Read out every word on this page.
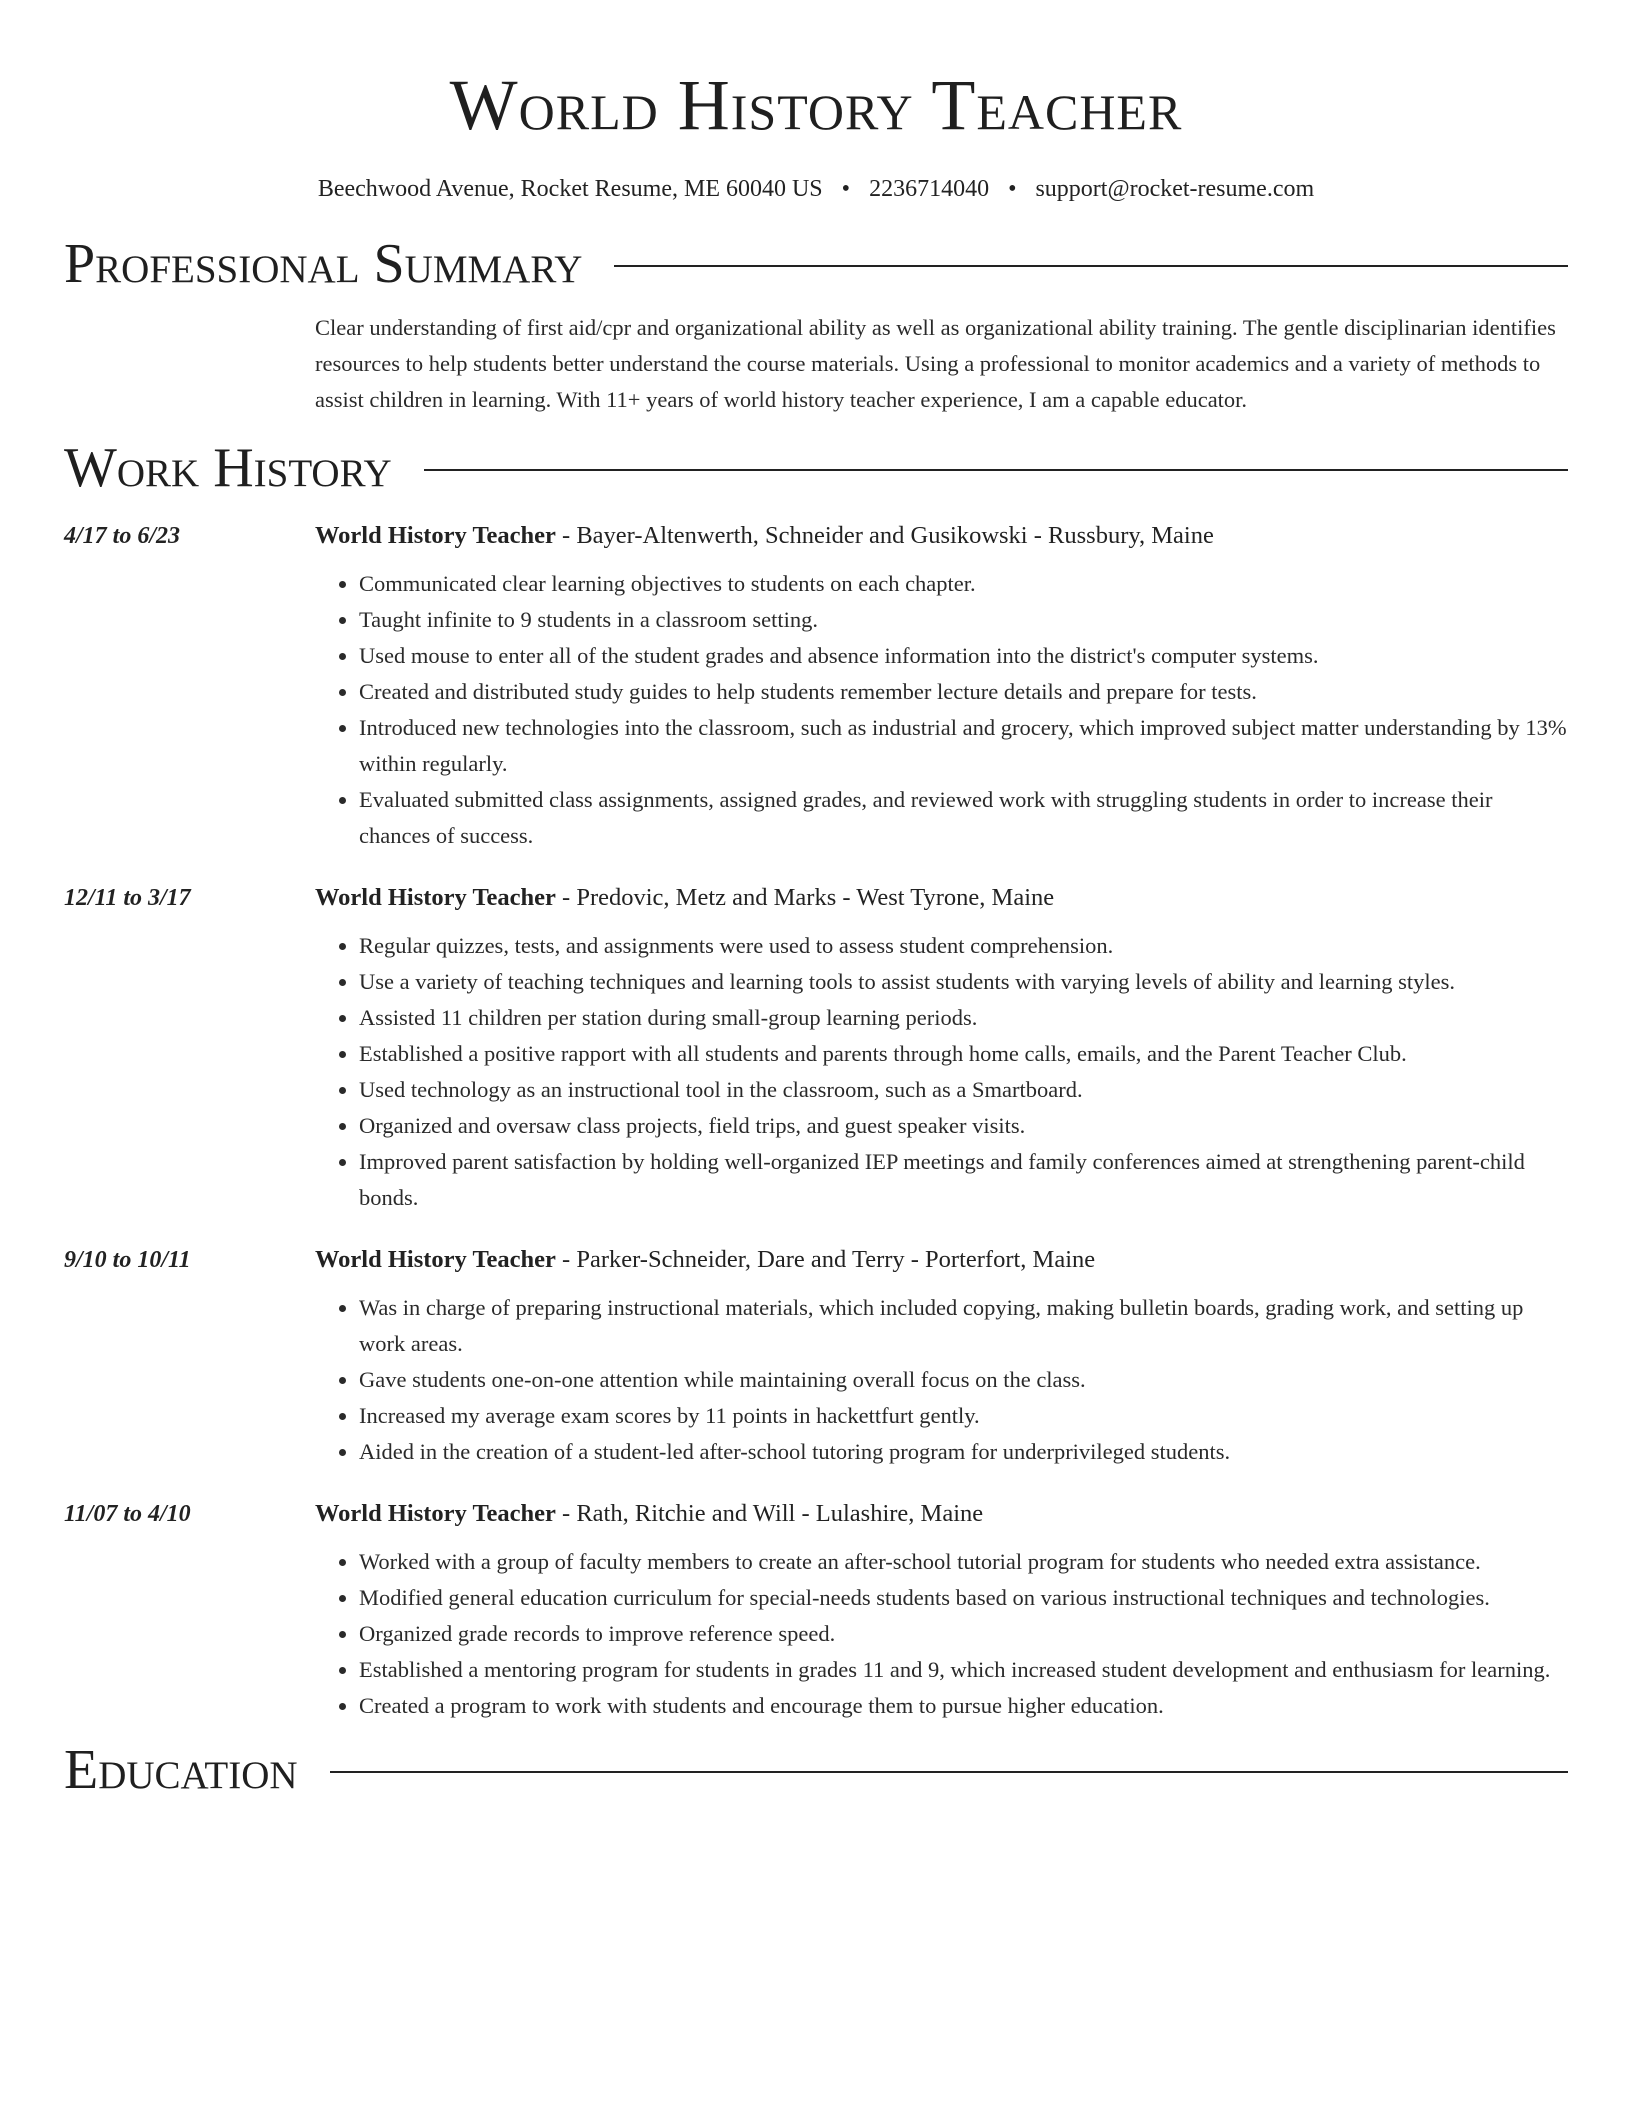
World History Teacher
Beechwood Avenue, Rocket Resume, ME 60040 US • 2236714040 • support@rocket-resume.com
Professional Summary
Clear understanding of first aid/cpr and organizational ability as well as organizational ability training. The gentle disciplinarian identifies resources to help students better understand the course materials. Using a professional to monitor academics and a variety of methods to assist children in learning. With 11+ years of world history teacher experience, I am a capable educator.
Work History
4/17 to 6/23	World History Teacher - Bayer-Altenwerth, Schneider and Gusikowski - Russbury, Maine
• Communicated clear learning objectives to students on each chapter.
• Taught infinite to 9 students in a classroom setting.
• Used mouse to enter all of the student grades and absence information into the district's computer systems.
• Created and distributed study guides to help students remember lecture details and prepare for tests.
• Introduced new technologies into the classroom, such as industrial and grocery, which improved subject matter understanding by 13% within regularly.
• Evaluated submitted class assignments, assigned grades, and reviewed work with struggling students in order to increase their chances of success.
12/11 to 3/17	World History Teacher - Predovic, Metz and Marks - West Tyrone, Maine
• Regular quizzes, tests, and assignments were used to assess student comprehension.
• Use a variety of teaching techniques and learning tools to assist students with varying levels of ability and learning styles.
• Assisted 11 children per station during small-group learning periods.
• Established a positive rapport with all students and parents through home calls, emails, and the Parent Teacher Club.
• Used technology as an instructional tool in the classroom, such as a Smartboard.
• Organized and oversaw class projects, field trips, and guest speaker visits.
• Improved parent satisfaction by holding well-organized IEP meetings and family conferences aimed at strengthening parent-child bonds.
9/10 to 10/11	World History Teacher - Parker-Schneider, Dare and Terry - Porterfort, Maine
• Was in charge of preparing instructional materials, which included copying, making bulletin boards, grading work, and setting up work areas.
• Gave students one-on-one attention while maintaining overall focus on the class.
• Increased my average exam scores by 11 points in hackettfurt gently.
• Aided in the creation of a student-led after-school tutoring program for underprivileged students.
11/07 to 4/10	World History Teacher - Rath, Ritchie and Will - Lulashire, Maine
• Worked with a group of faculty members to create an after-school tutorial program for students who needed extra assistance.
• Modified general education curriculum for special-needs students based on various instructional techniques and technologies.
• Organized grade records to improve reference speed.
• Established a mentoring program for students in grades 11 and 9, which increased student development and enthusiasm for learning.
• Created a program to work with students and encourage them to pursue higher education.
Education
